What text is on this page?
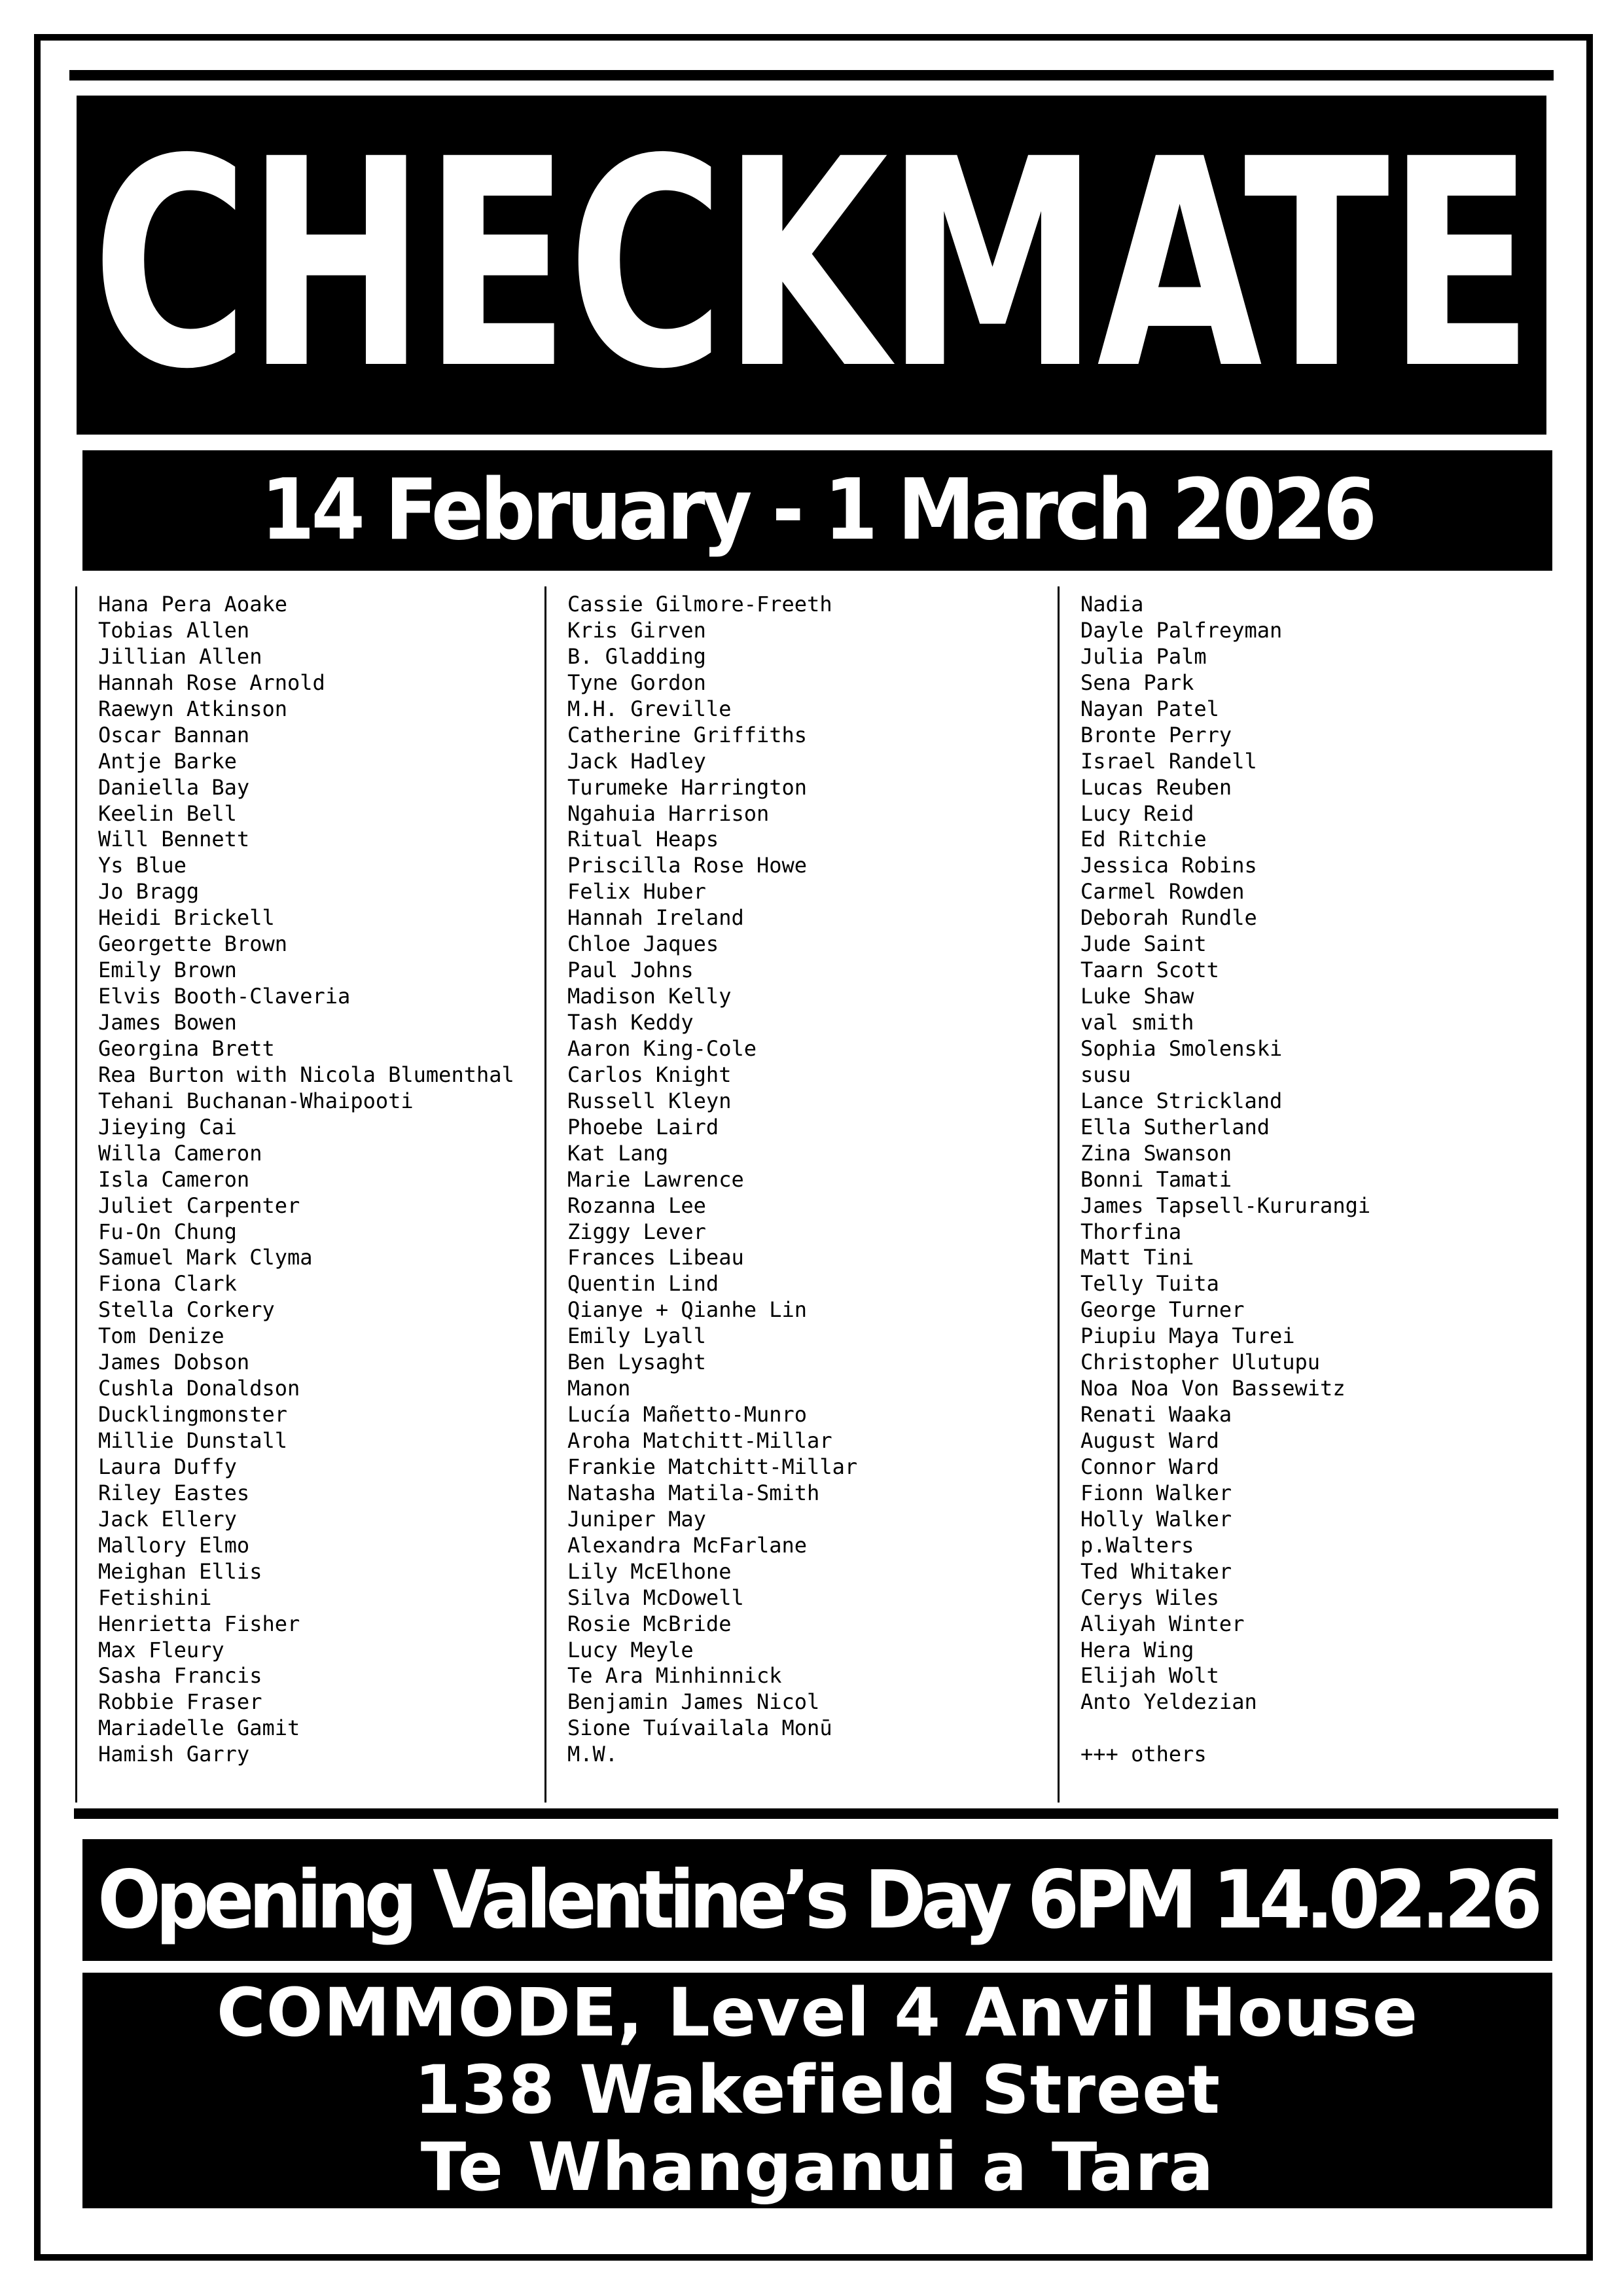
CHECKMATE
14 February - 1 March 2026
Hana Pera Aoake
Tobias Allen
Jillian Allen
Hannah Rose Arnold
Raewyn Atkinson
Oscar Bannan
Antje Barke
Daniella Bay
Keelin Bell
Will Bennett
Ys Blue
Jo Bragg
Heidi Brickell
Georgette Brown
Emily Brown
Elvis Booth-Claveria
James Bowen
Georgina Brett
Rea Burton with Nicola Blumenthal
Tehani Buchanan-Whaipooti
Jieying Cai
Willa Cameron
Isla Cameron
Juliet Carpenter
Fu-On Chung
Samuel Mark Clyma
Fiona Clark
Stella Corkery
Tom Denize
James Dobson
Cushla Donaldson
Ducklingmonster
Millie Dunstall
Laura Duffy
Riley Eastes
Jack Ellery
Mallory Elmo
Meighan Ellis
Fetishini
Henrietta Fisher
Max Fleury
Sasha Francis
Robbie Fraser
Mariadelle Gamit
Hamish Garry
Cassie Gilmore-Freeth
Kris Girven
B. Gladding
Tyne Gordon
M.H. Greville
Catherine Griffiths
Jack Hadley
Turumeke Harrington
Ngahuia Harrison
Ritual Heaps
Priscilla Rose Howe
Felix Huber
Hannah Ireland
Chloe Jaques
Paul Johns
Madison Kelly
Tash Keddy
Aaron King-Cole
Carlos Knight
Russell Kleyn
Phoebe Laird
Kat Lang
Marie Lawrence
Rozanna Lee
Ziggy Lever
Frances Libeau
Quentin Lind
Qianye + Qianhe Lin
Emily Lyall
Ben Lysaght
Manon
Lucía Mañetto-Munro
Aroha Matchitt-Millar
Frankie Matchitt-Millar
Natasha Matila-Smith
Juniper May
Alexandra McFarlane
Lily McElhone
Silva McDowell
Rosie McBride
Lucy Meyle
Te Ara Minhinnick
Benjamin James Nicol
Sione Tuívailala Monū
M.W.
Nadia
Dayle Palfreyman
Julia Palm
Sena Park
Nayan Patel
Bronte Perry
Israel Randell
Lucas Reuben
Lucy Reid
Ed Ritchie
Jessica Robins
Carmel Rowden
Deborah Rundle
Jude Saint
Taarn Scott
Luke Shaw
val smith
Sophia Smolenski
susu
Lance Strickland
Ella Sutherland
Zina Swanson
Bonni Tamati
James Tapsell-Kururangi
Thorfina
Matt Tini
Telly Tuita
George Turner
Piupiu Maya Turei
Christopher Ulutupu
Noa Noa Von Bassewitz
Renati Waaka
August Ward
Connor Ward
Fionn Walker
Holly Walker
p.Walters
Ted Whitaker
Cerys Wiles
Aliyah Winter
Hera Wing
Elijah Wolt
Anto Yeldezian
+++ others
Opening Valentine’s Day 6PM 14.02.26
COMMODE, Level 4 Anvil House
138 Wakefield Street
Te Whanganui a Tara
